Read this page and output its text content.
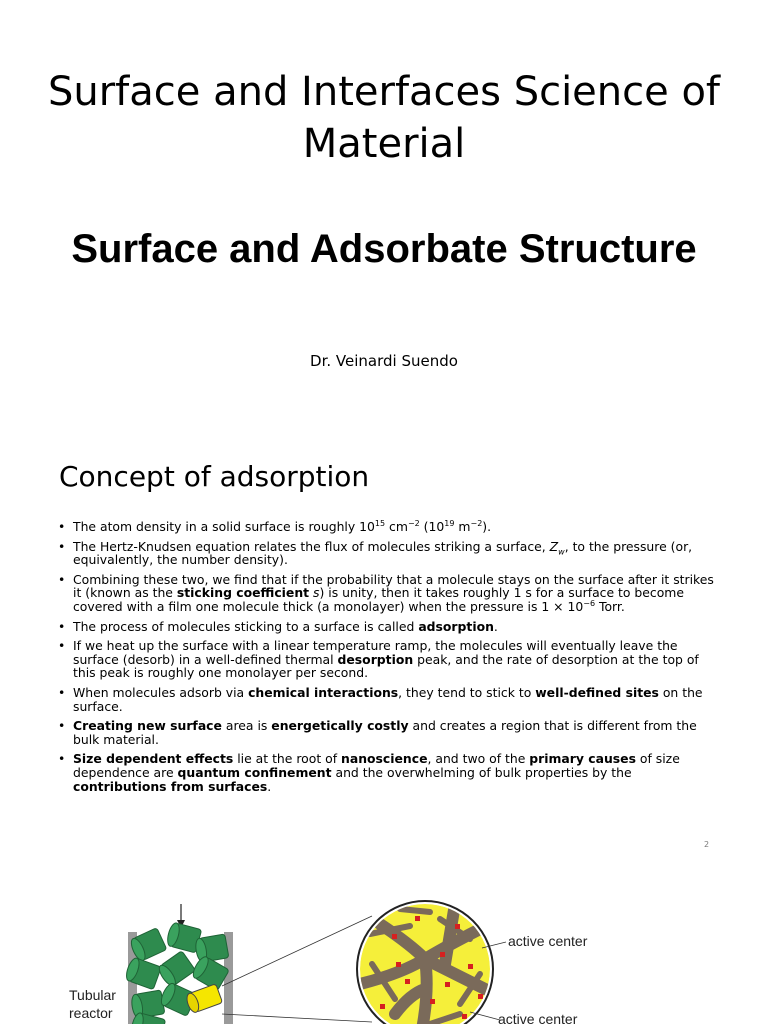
Surface and Interfaces Science of Material
Surface and Adsorbate Structure
Dr. Veinardi Suendo
Concept of adsorption
• The atom density in a solid surface is roughly $10^{15}$ $cm^{-2}$ ($10^{19}$ $m^{-2}$).
• The Hertz-Knudsen equation relates the flux of molecules striking a surface, $Z_w$, to the pressure (or, equivalently, the number density).
• Combining these two, we find that if the probability that a molecule stays on the surface after it strikes it (known as the sticking coefficient s) is unity, then it takes roughly 1 s for a surface to become covered with a film one molecule thick (a monolayer) when the pressure is $1 \times 10^{-6}$ Torr.
• The process of molecules sticking to a surface is called adsorption.
• If we heat up the surface with a linear temperature ramp, the molecules will eventually leave the surface (desorb) in a well-defined thermal desorption peak, and the rate of desorption at the top of this peak is roughly one monolayer per second.
• When molecules adsorb via chemical interactions, they tend to stick to well-defined sites on the surface.
• Creating new surface area is energetically costly and creates a region that is different from the bulk material.
• Size dependent effects lie at the root of nanoscience, and two of the primary causes of size dependence are quantum confinement and the overwhelming of bulk properties by the contributions from surfaces.
2
active center
active center
Tubular
reactor
